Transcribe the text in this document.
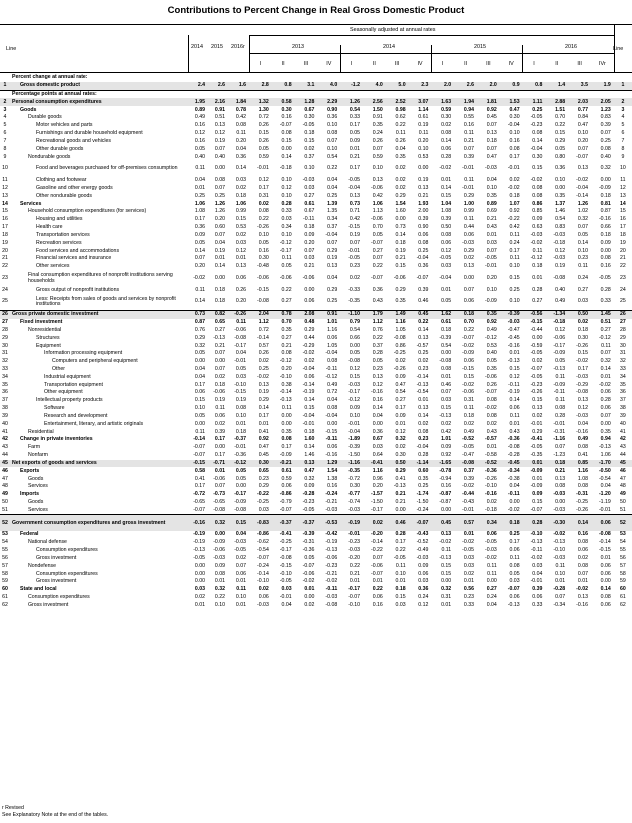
Contributions to Percent Change in Real Gross Domestic Product
Seasonally adjusted at annual rates
Line	Line
2014 2015 2016r	2013	2014	2015	2016
I	II	III	IV	I	II	III	IV	I	II	III	IV	I	II	III	IVr
	Percent change at annual rate:																				
1	Gross domestic product	2.4	2.6	1.6	2.8	0.8	3.1	4.0	-1.2	4.0	5.0	2.3	2.0	2.6	2.0	0.9	0.8	1.4	3.5	1.9	1
	Percentage points at annual rates:																				
2	Personal consumption expenditures	1.95	2.16	1.84	1.32	0.58	1.28	2.29	1.26	2.56	2.52	3.07	1.63	1.94	1.81	1.53	1.11	2.88	2.03	2.05	2
3	Goods	0.89	0.91	0.78	1.30	0.30	0.67	0.90	0.54	1.50	0.98	1.14	0.59	0.94	0.92	0.47	0.25	1.51	0.77	1.23	3
4	Durable goods	0.49	0.51	0.42	0.72	0.16	0.30	0.36	0.33	0.91	0.62	0.61	0.30	0.55	0.45	0.30	-0.05	0.70	0.84	0.83	4
5	Motor vehicles and parts	0.16	0.13	0.08	0.26	-0.07	-0.05	0.10	0.17	0.35	0.22	0.19	0.02	0.16	0.07	-0.04	-0.23	0.22	0.47	0.39	5
6	Furnishings and durable household equipment	0.12	0.12	0.11	0.15	0.08	0.18	0.08	0.05	0.24	0.11	0.11	0.08	0.11	0.13	0.10	0.08	0.15	0.10	0.07	6
7	Recreational goods and vehicles	0.16	0.19	0.20	0.26	0.15	0.15	0.07	0.09	0.26	0.26	0.20	0.14	0.21	0.18	0.16	0.14	0.29	0.20	0.25	7
8	Other durable goods	0.05	0.07	0.04	0.05	0.00	0.02	0.10	0.01	0.07	0.04	0.10	0.06	0.07	0.07	0.08	-0.04	0.05	0.07	0.08	8
9	Nondurable goods	0.40	0.40	0.36	0.59	0.14	0.37	0.54	0.21	0.59	0.35	0.53	0.28	0.39	0.47	0.17	0.30	0.80	-0.07	0.40	9
10	Food and beverages purchased for off-premises consumption	0.11	0.00	0.14	-0.01	-0.18	0.10	0.22	0.17	0.10	0.02	0.00	-0.02	-0.01	-0.03	-0.01	0.15	0.36	0.13	0.32	10
11	Clothing and footwear	0.04	0.08	0.03	0.12	0.10	-0.03	0.04	-0.05	0.13	0.02	0.19	0.01	0.11	0.04	0.02	-0.02	0.10	-0.02	0.00	11
12	Gasoline and other energy goods	0.01	0.07	0.02	0.17	0.12	0.03	0.04	-0.04	-0.06	0.02	0.13	0.14	-0.01	0.10	-0.02	0.08	0.00	-0.04	-0.09	12
13	Other nondurable goods	0.25	0.25	0.18	0.31	0.10	0.27	0.25	0.13	0.42	0.29	0.21	0.15	0.29	0.35	0.18	0.08	0.35	-0.14	0.18	13
14	Services	1.06	1.26	1.06	0.02	0.28	0.61	1.39	0.73	1.06	1.54	1.93	1.04	1.00	0.89	1.07	0.86	1.37	1.26	0.81	14
15	Household consumption expenditures (for services)	1.08	1.26	0.99	0.08	0.33	0.67	1.35	0.71	1.13	1.60	2.00	1.08	0.99	0.69	0.92	0.85	1.46	1.02	0.87	15
16	Housing and utilities	0.17	0.20	0.15	0.22	0.03	-0.11	0.34	0.42	-0.06	0.00	0.39	0.39	0.11	0.21	-0.22	0.09	0.54	0.32	-0.16	16
17	Health care	0.36	0.60	0.53	-0.26	0.34	0.18	0.37	-0.15	0.70	0.73	0.90	0.50	0.44	0.43	0.42	0.63	0.83	0.07	0.66	17
18	Transportation services	0.09	0.07	0.02	0.10	0.10	0.09	-0.04	0.19	0.05	0.14	0.06	0.08	0.06	0.01	0.11	-0.03	-0.03	0.05	0.18	18
19	Recreation services	0.05	0.04	0.03	0.05	-0.12	0.20	0.07	0.07	-0.07	0.18	0.08	0.06	-0.03	0.03	0.24	-0.02	-0.18	0.14	0.09	19
20	Food services and accommodations	0.14	0.19	0.12	0.16	-0.17	0.07	0.29	-0.01	0.27	0.19	0.25	0.12	0.29	0.07	0.17	0.11	0.12	0.10	0.00	20
21	Financial services and insurance	0.07	0.01	0.01	0.30	0.11	0.03	0.19	-0.05	0.07	0.21	-0.04	-0.05	0.02	-0.05	0.11	-0.12	-0.03	0.23	0.08	21
22	Other services	0.20	0.14	0.13	-0.48	0.05	0.21	0.13	0.23	0.22	0.15	0.36	0.03	0.13	-0.01	0.10	0.18	0.19	0.11	0.16	22
23	Final consumption expenditures of nonprofit institutions serving households	-0.02	0.00	0.06	-0.06	-0.06	-0.06	0.04	0.02	-0.07	-0.06	-0.07	-0.04	0.00	0.20	0.15	0.01	-0.08	0.24	-0.05	23
24	Gross output of nonprofit institutions	0.11	0.18	0.26	-0.15	0.22	0.00	0.29	-0.33	0.36	0.29	0.39	0.01	0.07	0.10	0.25	0.28	0.40	0.27	0.28	24
25	Less: Receipts from sales of goods and services by nonprofit institutions	0.14	0.18	0.20	-0.08	0.27	0.06	0.25	-0.35	0.43	0.35	0.46	0.05	0.06	-0.09	0.10	0.27	0.49	0.03	0.33	25
26	Gross private domestic investment	0.73	0.82	-0.26	2.04	0.78	2.08	0.91	-1.10	1.79	1.49	0.45	1.62	0.18	0.35	-0.39	-0.56	-1.34	0.50	1.45	26
27	Fixed investment	0.87	0.65	0.11	1.12	0.70	0.48	1.01	0.79	1.12	1.16	0.22	0.61	0.70	0.92	-0.03	-0.15	-0.18	0.02	0.51	27
28	Nonresidential	0.76	0.27	-0.06	0.72	0.35	0.29	1.16	0.54	0.76	1.05	0.14	0.18	0.22	0.49	-0.47	-0.44	0.12	0.18	0.27	28
29	Structures	0.29	-0.13	-0.08	-0.14	0.27	0.44	0.06	0.66	0.22	-0.08	0.13	-0.39	-0.07	-0.12	-0.45	0.00	-0.06	0.30	-0.12	29
30	Equipment	0.32	0.21	-0.17	0.57	0.21	-0.29	1.05	0.00	0.37	0.86	-0.57	0.54	-0.02	0.53	-0.16	-0.59	-0.17	-0.26	0.11	30
31	Information processing equipment	0.05	0.07	0.04	0.26	0.08	-0.02	-0.04	0.05	0.28	-0.25	0.25	0.00	-0.09	0.40	0.01	-0.05	-0.09	0.15	0.07	31
32	Computers and peripheral equipment	0.00	0.00	-0.01	0.02	-0.12	0.02	0.08	-0.08	0.05	0.02	0.02	-0.08	0.06	0.05	-0.13	0.02	0.05	-0.02	0.32	32
33	Other	0.04	0.07	0.05	0.25	0.20	-0.04	-0.11	0.12	0.23	-0.26	0.23	0.08	-0.15	0.35	0.15	-0.07	-0.13	0.17	0.14	33
34	Industrial equipment	0.04	0.02	0.03	-0.02	-0.10	0.06	-0.12	0.15	0.13	0.09	-0.14	0.01	0.15	-0.06	0.12	-0.05	0.11	-0.03	0.01	34
35	Transportation equipment	0.17	0.18	-0.10	0.13	0.38	-0.14	0.49	-0.03	0.12	0.47	-0.13	0.46	-0.02	0.26	-0.11	-0.23	-0.09	-0.29	-0.02	35
36	Other equipment	0.06	-0.06	-0.15	0.19	-0.14	-0.19	0.72	-0.17	-0.16	0.54	-0.54	0.07	-0.06	-0.07	-0.19	-0.26	-0.11	-0.08	0.06	36
37	Intellectual property products	0.15	0.19	0.19	0.29	-0.13	0.14	0.04	-0.12	0.16	0.27	0.01	0.03	0.31	0.08	0.14	0.15	0.11	0.13	0.28	37
38	Software	0.10	0.11	0.08	0.14	0.11	0.15	0.08	0.09	0.14	0.17	0.13	0.15	0.11	-0.02	0.06	0.13	0.08	0.12	0.06	38
39	Research and development	0.05	0.06	0.10	0.17	0.00	-0.04	-0.04	0.10	0.04	0.09	0.14	-0.13	0.18	0.08	0.11	0.02	0.28	-0.03	0.07	39
40	Entertainment, literary, and artistic originals	0.00	0.02	0.01	0.01	0.00	-0.01	0.00	-0.01	0.00	0.01	0.02	0.02	0.02	0.02	0.01	-0.01	-0.01	0.04	0.00	40
41	Residential	0.11	0.39	0.18	0.41	0.35	0.18	-0.15	-0.04	0.36	0.12	0.08	0.42	0.49	0.43	0.43	0.29	-0.31	-0.16	0.35	41
42	Change in private inventories	-0.14	0.17	-0.37	0.92	0.08	1.60	-0.11	-1.89	0.67	0.32	0.23	1.01	-0.52	-0.57	-0.36	-0.41	-1.16	0.49	0.94	42
43	Farm	-0.07	0.00	-0.01	0.47	0.17	0.14	0.06	-0.39	0.03	0.02	-0.04	0.09	-0.05	0.01	-0.08	-0.05	0.07	0.08	-0.13	43
44	Nonfarm	-0.07	0.17	-0.36	0.45	-0.09	1.46	-0.16	-1.50	0.64	0.30	0.28	0.92	-0.47	-0.58	-0.28	-0.35	-1.23	0.41	1.06	44
45	Net exports of goods and services	-0.15	-0.71	-0.12	0.30	-0.21	0.13	1.29	-1.16	-0.41	0.50	-1.14	-1.65	-0.08	-0.52	-0.45	0.01	0.18	0.85	-1.70	45
46	Exports	0.58	0.01	0.05	0.65	0.61	0.47	1.54	-0.35	1.16	0.29	0.60	-0.78	0.37	-0.36	-0.34	-0.09	0.21	1.16	-0.50	46
47	Goods	0.41	-0.06	0.05	0.23	0.59	0.32	1.38	-0.72	0.96	0.41	0.35	-0.94	0.39	-0.26	-0.38	0.01	0.13	1.08	-0.54	47
48	Services	0.17	0.07	0.00	0.29	0.06	0.09	0.16	0.30	0.20	-0.13	0.25	0.16	-0.02	-0.10	0.04	-0.09	0.08	0.08	0.04	48
49	Imports	-0.72	-0.73	-0.17	-0.22	-0.86	-0.28	-0.24	-0.77	-1.57	0.21	-1.74	-0.87	-0.44	-0.16	-0.11	0.09	-0.03	-0.31	-1.20	49
50	Goods	-0.65	-0.65	-0.09	-0.25	-0.79	-0.23	-0.21	-0.74	-1.50	0.21	-1.50	-0.87	-0.43	0.02	0.00	0.15	0.00	-0.25	-1.19	50
51	Services	-0.07	-0.08	-0.08	0.03	-0.07	-0.05	-0.03	-0.03	-0.17	0.00	-0.24	0.00	-0.01	-0.18	-0.02	-0.07	-0.03	-0.26	-0.01	51
52	Government consumption expenditures and gross investment	-0.16	0.32	0.15	-0.83	-0.37	-0.37	-0.53	-0.19	0.02	0.46	-0.07	0.45	0.57	0.34	0.18	0.28	-0.30	0.14	0.06	52
53	Federal	-0.19	0.00	0.04	-0.86	-0.41	-0.39	-0.42	-0.01	-0.20	0.28	-0.43	0.13	0.01	0.06	0.25	-0.10	-0.02	0.16	-0.08	53
54	National defense	-0.19	-0.09	-0.03	-0.62	-0.25	-0.31	-0.19	-0.23	-0.14	0.17	-0.52	-0.02	-0.02	-0.05	0.17	-0.13	-0.13	0.08	-0.14	54
55	Consumption expenditures	-0.13	-0.06	-0.05	-0.54	-0.17	-0.36	-0.13	-0.03	-0.22	0.22	-0.49	0.11	-0.05	-0.03	0.06	-0.11	-0.10	0.06	-0.15	55
56	Gross investment	-0.05	-0.03	0.02	-0.07	-0.08	0.05	-0.06	-0.20	0.07	-0.05	-0.03	-0.13	0.03	-0.02	0.11	-0.02	-0.03	0.02	0.01	56
57	Nondefense	0.00	0.09	0.07	-0.24	-0.15	-0.07	-0.23	0.22	-0.06	0.11	0.09	0.15	0.03	0.11	0.08	0.03	0.11	0.08	0.06	57
58	Consumption expenditures	0.00	0.08	0.06	-0.14	-0.10	-0.06	-0.21	0.21	-0.07	0.10	0.06	0.15	0.02	0.11	0.05	0.04	0.10	0.07	0.06	58
59	Gross investment	0.00	0.01	0.01	-0.10	-0.05	-0.02	-0.02	0.01	0.01	0.01	0.03	0.00	0.01	0.00	0.03	-0.01	0.01	0.01	0.00	59
60	State and local	0.03	0.32	0.11	0.02	0.03	0.01	-0.11	-0.17	0.22	0.18	0.36	0.32	0.56	0.27	-0.07	0.39	-0.28	-0.02	0.14	60
61	Consumption expenditures	0.02	0.22	0.10	0.06	-0.01	0.00	-0.03	-0.07	0.06	0.15	0.24	0.31	0.23	0.24	0.06	0.06	0.07	0.13	0.08	61
62	Gross investment	0.01	0.10	0.01	-0.03	0.04	0.02	-0.08	-0.10	0.16	0.03	0.12	0.01	0.33	0.04	-0.13	0.33	-0.34	-0.16	0.06	62
r Revised
See Explanatory Note at the end of the tables.
